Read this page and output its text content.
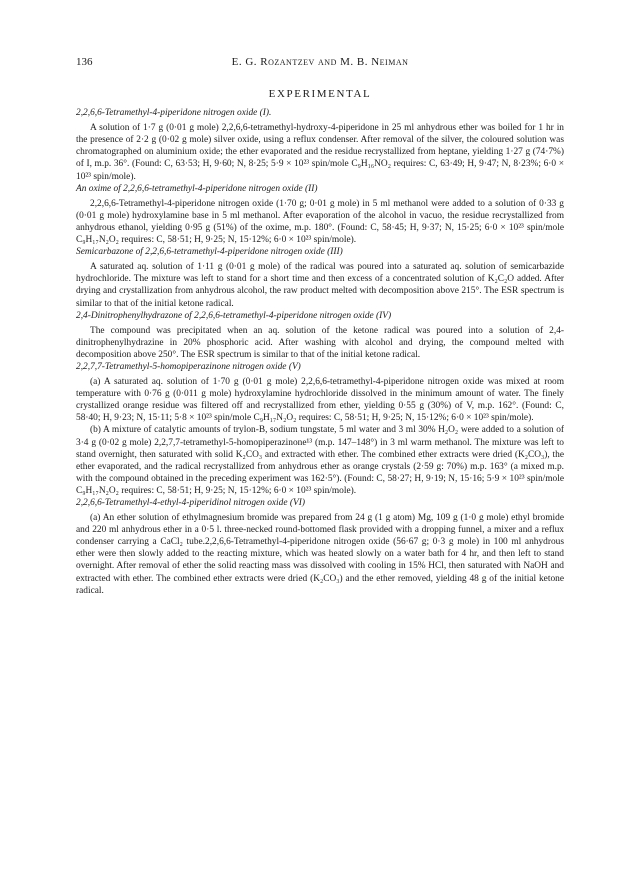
136	E. G. Rozantzev and M. B. Neiman
EXPERIMENTAL
2,2,6,6-Tetramethyl-4-piperidone nitrogen oxide (I).

A solution of 1·7 g (0·01 g mole) 2,2,6,6-tetramethyl-hydroxy-4-piperidone in 25 ml anhydrous ether was boiled for 1 hr in the presence of 2·2 g (0·02 g mole) silver oxide, using a reflux condenser. After removal of the silver, the coloured solution was chromatographed on aluminium oxide; the ether evaporated and the residue recrystallized from heptane, yielding 1·27 g (74·7%) of I, m.p. 36°. (Found: C, 63·53; H, 9·60; N, 8·25; 5·9 × 10²³ spin/mole C₉H₁₆NO₂ requires: C, 63·49; H, 9·47; N, 8·23%; 6·0 × 10²³ spin/mole).

An oxime of 2,2,6,6-tetramethyl-4-piperidone nitrogen oxide (II)

2,2,6,6-Tetramethyl-4-piperidone nitrogen oxide (1·70 g; 0·01 g mole) in 5 ml methanol were added to a solution of 0·33 g (0·01 g mole) hydroxylamine base in 5 ml methanol. After evaporation of the alcohol in vacuo, the residue recrystallized from anhydrous ethanol, yielding 0·95 g (51%) of the oxime, m.p. 180°. (Found: C, 58·45; H, 9·37; N, 15·25; 6·0 × 10²³ spin/mole C₉H₁₇N₂O₂ requires: C, 58·51; H, 9·25; N, 15·12%; 6·0 × 10²³ spin/mole).

Semicarbazone of 2,2,6,6-tetramethyl-4-piperidone nitrogen oxide (III)

A saturated aq. solution of 1·11 g (0·01 g mole) of the radical was poured into a saturated aq. solution of semicarbazide hydrochloride. The mixture was left to stand for a short time and then excess of a concentrated solution of K₂C₂O added. After drying and crystallization from anhydrous alcohol, the raw product melted with decomposition above 215°. The ESR spectrum is similar to that of the initial ketone radical.

2,4-Dinitrophenylhydrazone of 2,2,6,6-tetramethyl-4-piperidone nitrogen oxide (IV)

The compound was precipitated when an aq. solution of the ketone radical was poured into a solution of 2,4-dinitrophenylhydrazine in 20% phosphoric acid. After washing with alcohol and drying, the compound melted with decomposition above 250°. The ESR spectrum is similar to that of the initial ketone radical.

2,2,7,7-Tetramethyl-5-homopiperazinone nitrogen oxide (V)

(a) A saturated aq. solution of 1·70 g (0·01 g mole) 2,2,6,6-tetramethyl-4-piperidone nitrogen oxide was mixed at room temperature with 0·76 g (0·011 g mole) hydroxylamine hydrochloride dissolved in the minimum amount of water. The finely crystallized orange residue was filtered off and recrystallized from ether, yielding 0·55 g (30%) of V, m.p. 162°. (Found: C, 58·40; H, 9·23; N, 15·11; 5·8 × 10²³ spin/mole C₉H₁₇N₂O₂ requires: C, 58·51; H, 9·25; N, 15·12%; 6·0 × 10²³ spin/mole).

(b) A mixture of catalytic amounts of trylon-B, sodium tungstate, 5 ml water and 3 ml 30% H₂O₂ were added to a solution of 3·4 g (0·02 g mole) 2,2,7,7-tetramethyl-5-homopiperazinone¹³ (m.p. 147–148°) in 3 ml warm methanol. The mixture was left to stand overnight, then saturated with solid K₂CO₃ and extracted with ether. The combined ether extracts were dried (K₂CO₃), the ether evaporated, and the radical recrystallized from anhydrous ether as orange crystals (2·59 g: 70%) m.p. 163° (a mixed m.p. with the compound obtained in the preceding experiment was 162·5°). (Found: C, 58·27; H, 9·19; N, 15·16; 5·9 × 10²³ spin/mole C₉H₁₇N₂O₂ requires: C, 58·51; H, 9·25; N, 15·12%; 6·0 × 10²³ spin/mole).

2,2,6,6-Tetramethyl-4-ethyl-4-piperidinol nitrogen oxide (VI)

(a) An ether solution of ethylmagnesium bromide was prepared from 24 g (1 g atom) Mg, 109 g (1·0 g mole) ethyl bromide and 220 ml anhydrous ether in a 0·5 l. three-necked round-bottomed flask provided with a dropping funnel, a mixer and a reflux condenser carrying a CaCl₂ tube.2,2,6,6-Tetramethyl-4-piperidone nitrogen oxide (56·67 g; 0·3 g mole) in 100 ml anhydrous ether were then slowly added to the reacting mixture, which was heated slowly on a water bath for 4 hr, and then left to stand overnight. After removal of ether the solid reacting mass was dissolved with cooling in 15% HCl, then saturated with NaOH and extracted with ether. The combined ether extracts were dried (K₂CO₃) and the ether removed, yielding 48 g of the initial ketone radical.
